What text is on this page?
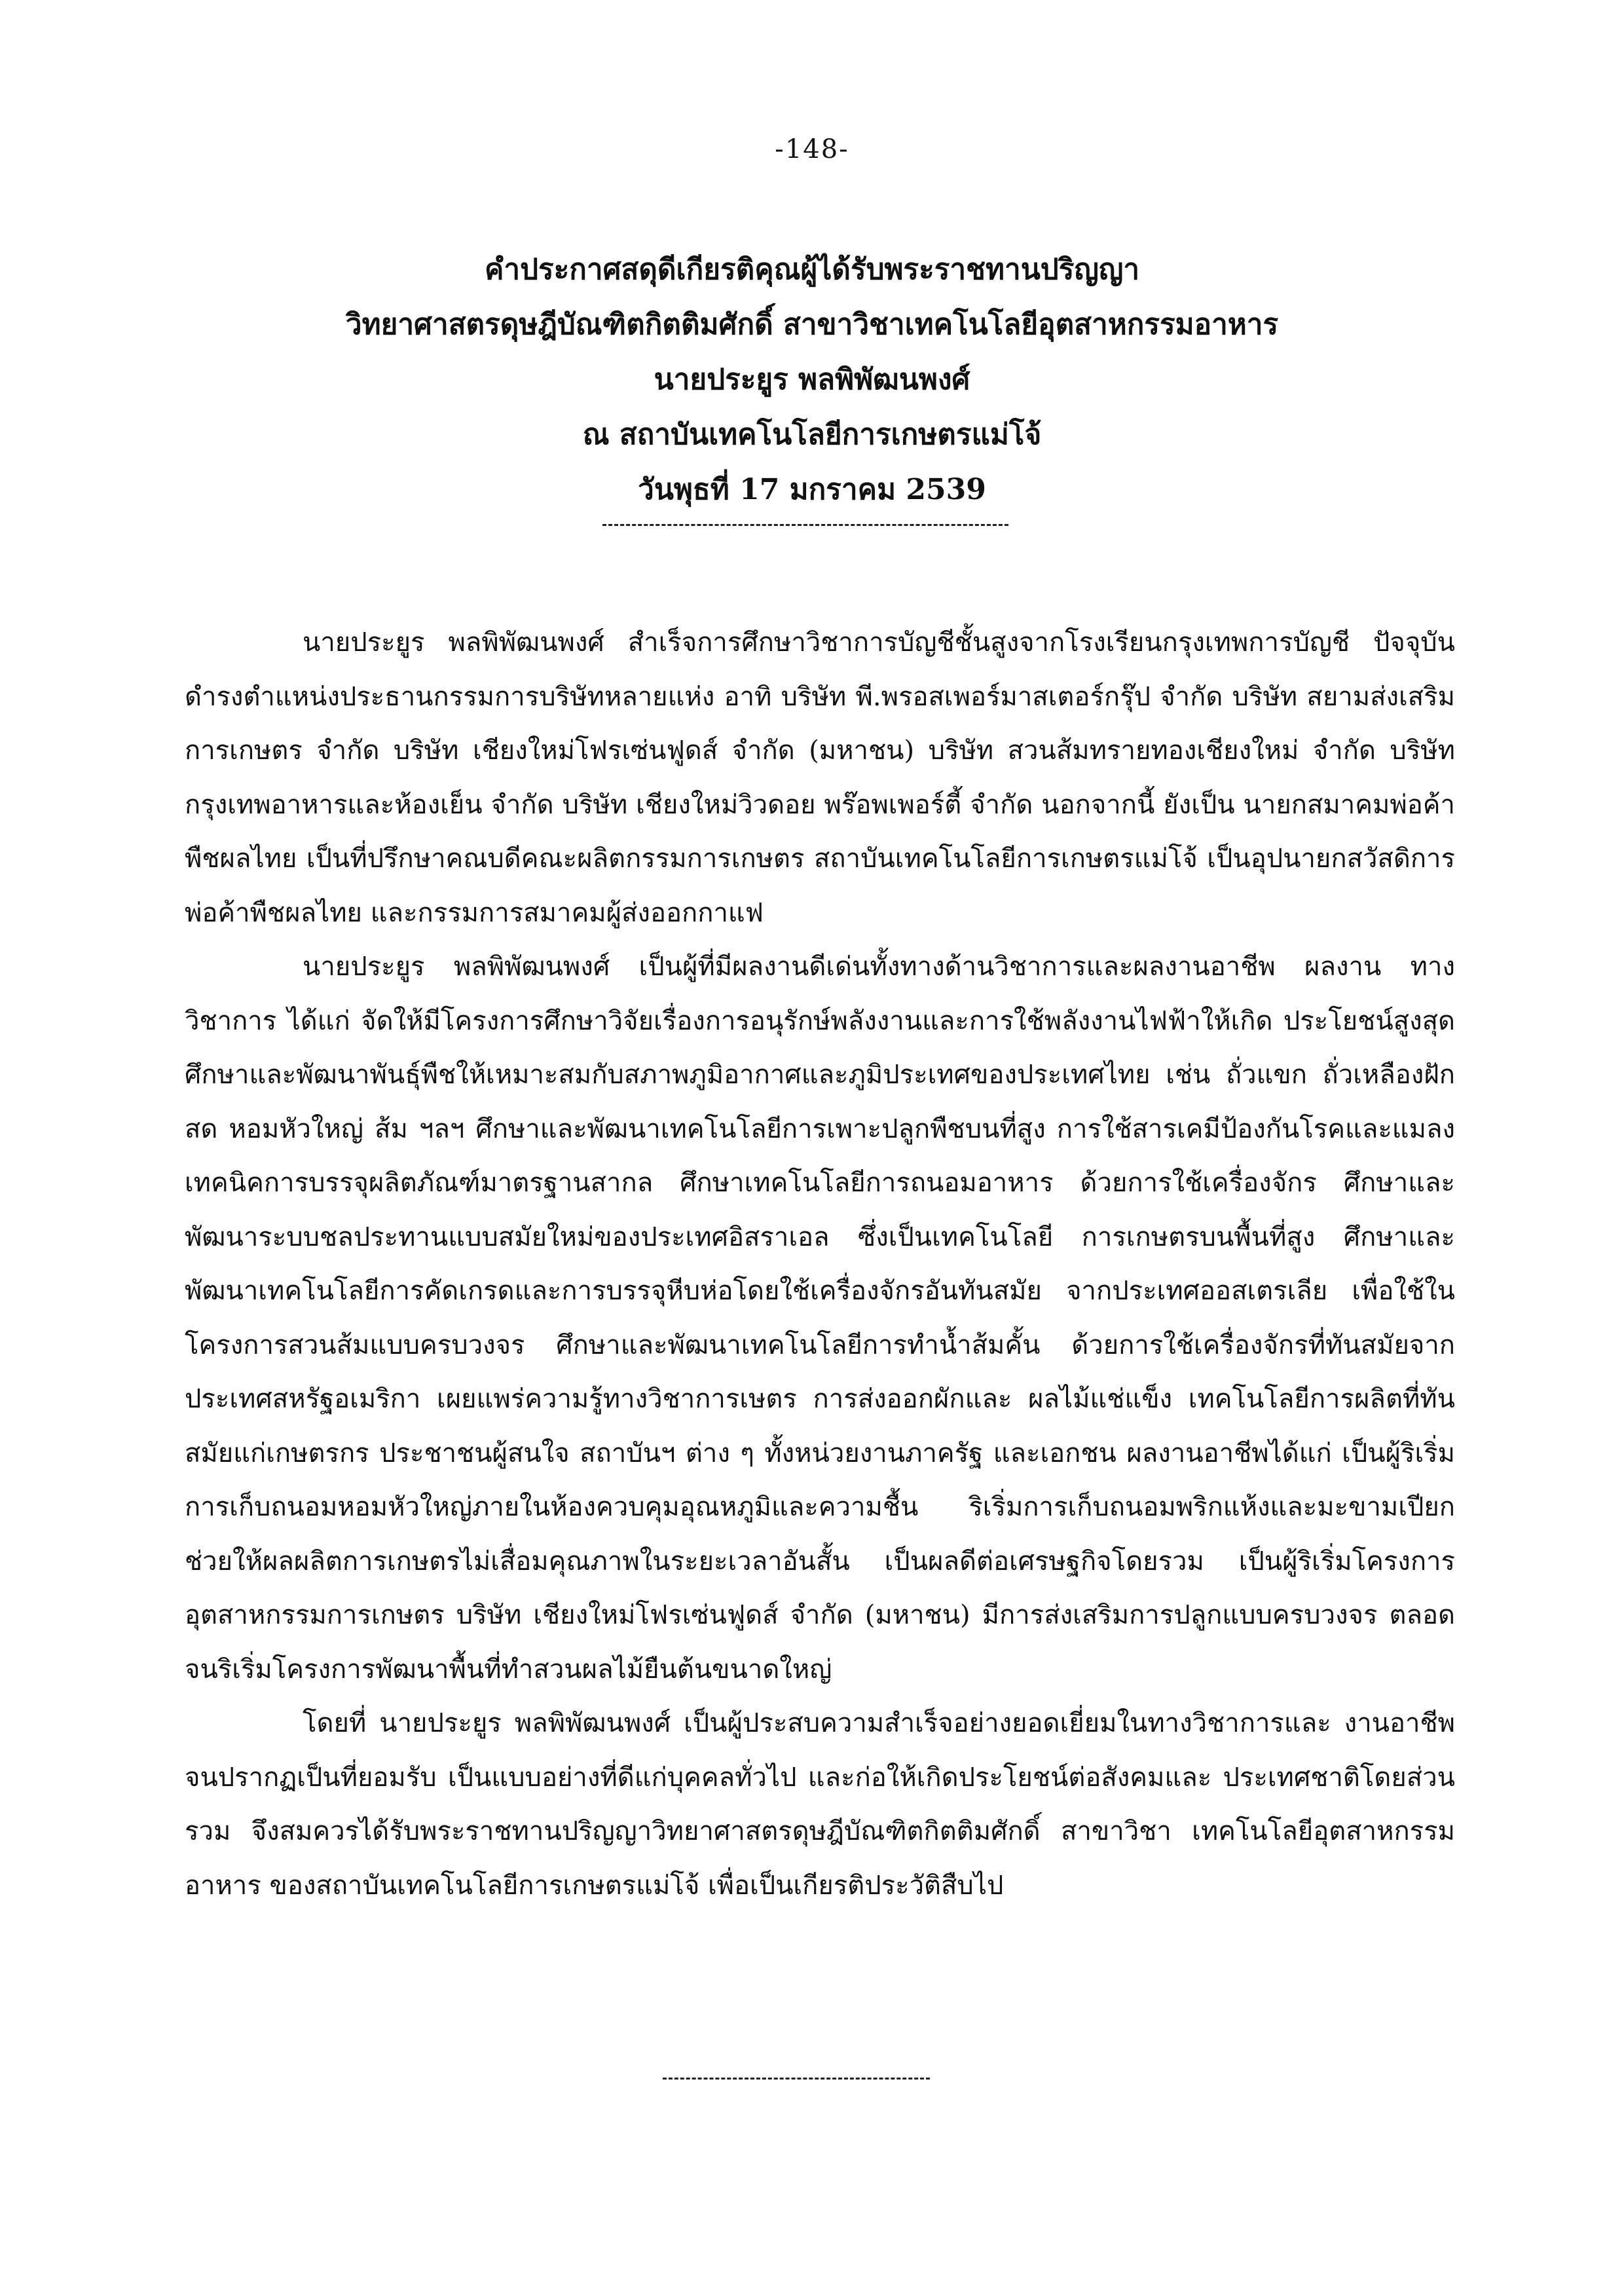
-148-
คำประกาศสดุดีเกียรติคุณผู้ได้รับพระราชทานปริญญา
วิทยาศาสตรดุษฎีบัณฑิตกิตติมศักดิ์ สาขาวิชาเทคโนโลยีอุตสาหกรรมอาหาร
นายประยูร พลพิพัฒนพงศ์
ณ สถาบันเทคโนโลยีการเกษตรแม่โจ้
วันพุธที่ 17 มกราคม 2539

นายประยูร พลพิพัฒนพงศ์ สำเร็จการศึกษาวิชาการบัญชีชั้นสูงจากโรงเรียนกรุงเทพการบัญชี ปัจจุบันดำรงตำแหน่งประธานกรรมการบริษัทหลายแห่ง อาทิ บริษัท พี.พรอสเพอร์มาสเตอร์กรุ๊ป จำกัด บริษัท สยามส่งเสริมการเกษตร จำกัด บริษัท เชียงใหม่โฟรเซ่นฟูดส์ จำกัด (มหาชน) บริษัท สวนส้มทรายทองเชียงใหม่ จำกัด บริษัท กรุงเทพอาหารและห้องเย็น จำกัด บริษัท เชียงใหม่วิวดอย พร๊อพเพอร์ตี้ จำกัด นอกจากนี้ ยังเป็น นายกสมาคมพ่อค้าพืชผลไทย เป็นที่ปรึกษาคณบดีคณะผลิตกรรมการเกษตร สถาบันเทคโนโลยีการเกษตรแม่โจ้ เป็นอุปนายกสวัสดิการพ่อค้าพืชผลไทย และกรรมการสมาคมผู้ส่งออกกาแฟ

นายประยูร พลพิพัฒนพงศ์ เป็นผู้ที่มีผลงานดีเด่นทั้งทางด้านวิชาการและผลงานอาชีพ ผลงาน ทางวิชาการ ได้แก่ จัดให้มีโครงการศึกษาวิจัยเรื่องการอนุรักษ์พลังงานและการใช้พลังงานไฟฟ้าให้เกิด ประโยชน์สูงสุด ศึกษาและพัฒนาพันธุ์พืชให้เหมาะสมกับสภาพภูมิอากาศและภูมิประเทศของประเทศไทย เช่น ถั่วแขก ถั่วเหลืองฝักสด หอมหัวใหญ่ ส้ม ฯลฯ ศึกษาและพัฒนาเทคโนโลยีการเพาะปลูกพืชบนที่สูง การใช้สารเคมีป้องกันโรคและแมลง เทคนิคการบรรจุผลิตภัณฑ์มาตรฐานสากล ศึกษาเทคโนโลยีการถนอมอาหาร ด้วยการใช้เครื่องจักร ศึกษาและพัฒนาระบบชลประทานแบบสมัยใหม่ของประเทศอิสราเอล ซึ่งเป็นเทคโนโลยี การเกษตรบนพื้นที่สูง ศึกษาและพัฒนาเทคโนโลยีการคัดเกรดและการบรรจุหีบห่อโดยใช้เครื่องจักรอันทันสมัย จากประเทศออสเตรเลีย เพื่อใช้ในโครงการสวนส้มแบบครบวงจร ศึกษาและพัฒนาเทคโนโลยีการทำน้ำส้มคั้น ด้วยการใช้เครื่องจักรที่ทันสมัยจากประเทศสหรัฐอเมริกา เผยแพร่ความรู้ทางวิชาการเษตร การส่งออกผักและ ผลไม้แช่แข็ง เทคโนโลยีการผลิตที่ทันสมัยแก่เกษตรกร ประชาชนผู้สนใจ สถาบันฯ ต่าง ๆ ทั้งหน่วยงานภาครัฐ และเอกชน ผลงานอาชีพได้แก่ เป็นผู้ริเริ่มการเก็บถนอมหอมหัวใหญ่ภายในห้องควบคุมอุณหภูมิและความชื้น ริเริ่มการเก็บถนอมพริกแห้งและมะขามเปียก ช่วยให้ผลผลิตการเกษตรไม่เสื่อมคุณภาพในระยะเวลาอันสั้น เป็นผลดีต่อเศรษฐกิจโดยรวม เป็นผู้ริเริ่มโครงการอุตสาหกรรมการเกษตร บริษัท เชียงใหม่โฟรเซ่นฟูดส์ จำกัด (มหาชน) มีการส่งเสริมการปลูกแบบครบวงจร ตลอดจนริเริ่มโครงการพัฒนาพื้นที่ทำสวนผลไม้ยืนต้นขนาดใหญ่

โดยที่ นายประยูร พลพิพัฒนพงศ์ เป็นผู้ประสบความสำเร็จอย่างยอดเยี่ยมในทางวิชาการและ งานอาชีพจนปรากฏเป็นที่ยอมรับ เป็นแบบอย่างที่ดีแก่บุคคลทั่วไป และก่อให้เกิดประโยชน์ต่อสังคมและ ประเทศชาติโดยส่วนรวม จึงสมควรได้รับพระราชทานปริญญาวิทยาศาสตรดุษฎีบัณฑิตกิตติมศักดิ์ สาขาวิชา เทคโนโลยีอุตสาหกรรมอาหาร ของสถาบันเทคโนโลยีการเกษตรแม่โจ้ เพื่อเป็นเกียรติประวัติสืบไป
